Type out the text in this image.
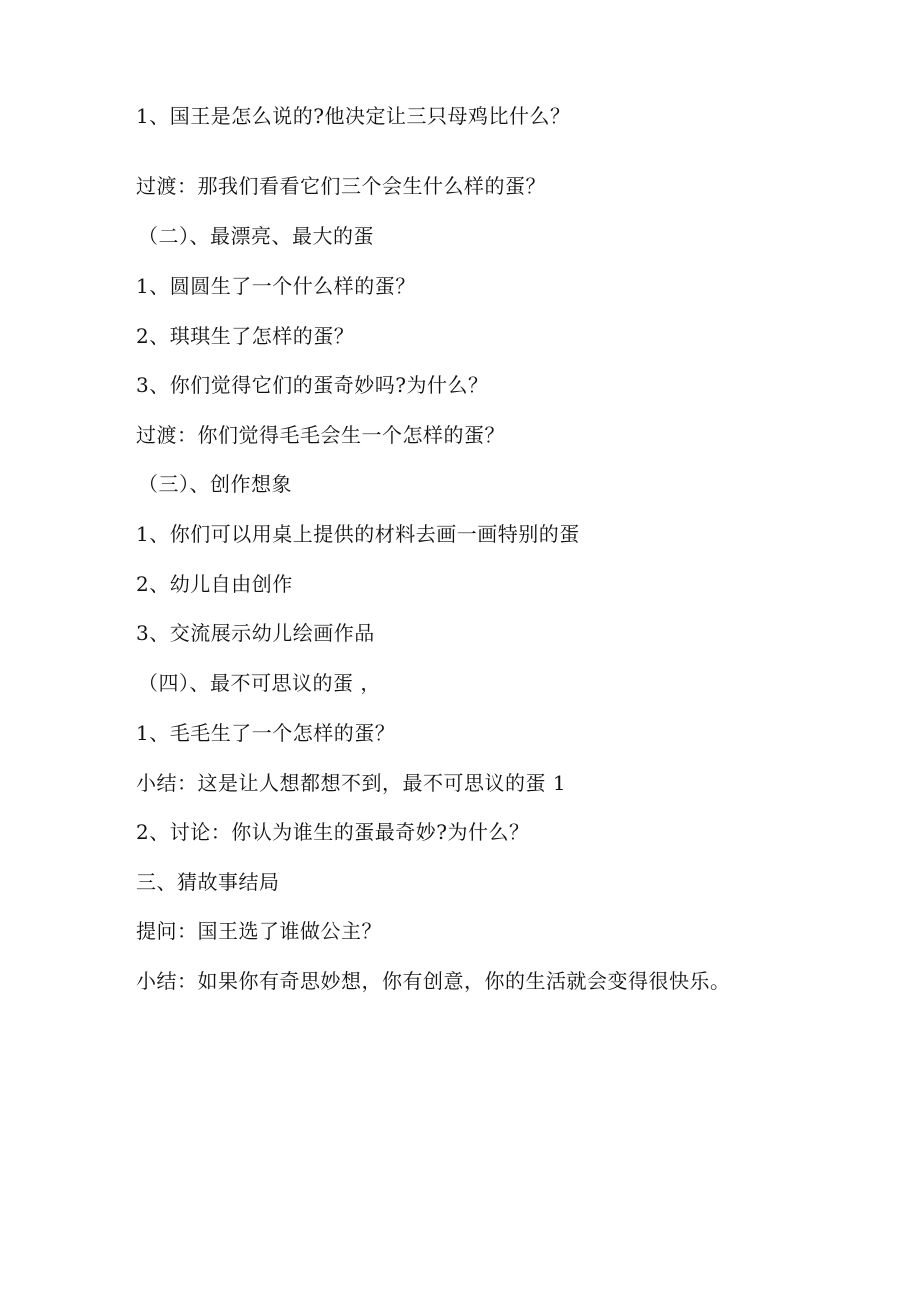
1、国王是怎么说的?他决定让三只母鸡比什么？
过渡：那我们看看它们三个会生什么样的蛋？
（二）、最漂亮、最大的蛋
1、圆圆生了一个什么样的蛋？
2、琪琪生了怎样的蛋？
3、你们觉得它们的蛋奇妙吗?为什么？
过渡：你们觉得毛毛会生一个怎样的蛋？
（三）、创作想象
1、你们可以用桌上提供的材料去画一画特别的蛋
2、幼儿自由创作
3、交流展示幼儿绘画作品
（四）、最不可思议的蛋 ，
1、毛毛生了一个怎样的蛋？
小结：这是让人想都想不到，最不可思议的蛋 1
2、讨论：你认为谁生的蛋最奇妙?为什么？
三、猜故事结局
提问：国王选了谁做公主？
小结：如果你有奇思妙想，你有创意，你的生活就会变得很快乐。
